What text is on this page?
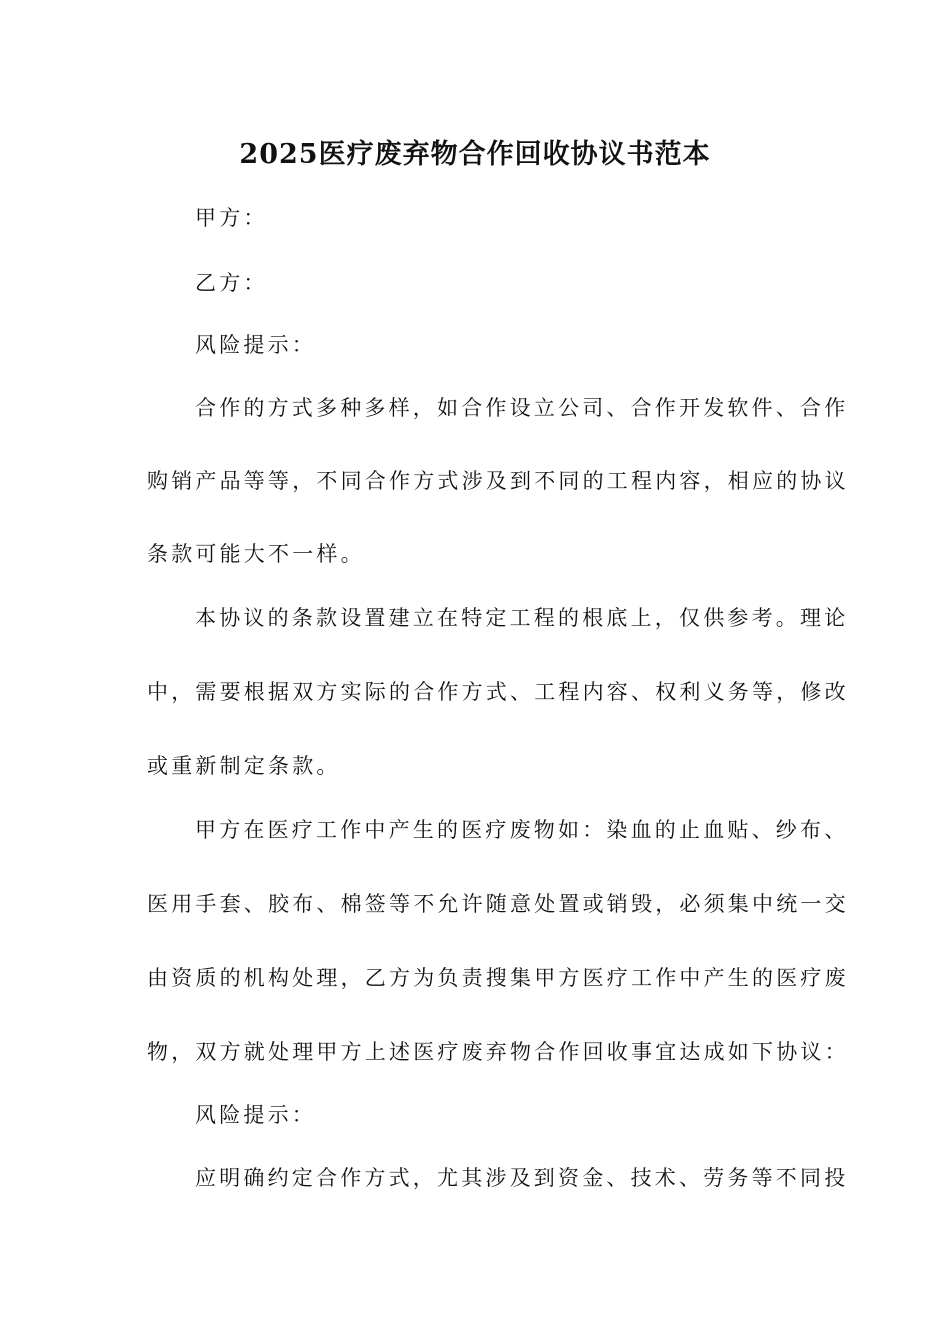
2025医疗废弃物合作回收协议书范本
甲方：
乙方：
风险提示：
合作的方式多种多样，如合作设立公司、合作开发软件、合作
购销产品等等，不同合作方式涉及到不同的工程内容，相应的协议
条款可能大不一样。
本协议的条款设置建立在特定工程的根底上，仅供参考。理论
中，需要根据双方实际的合作方式、工程内容、权利义务等，修改
或重新制定条款。
甲方在医疗工作中产生的医疗废物如：染血的止血贴、纱布、
医用手套、胶布、棉签等不允许随意处置或销毁，必须集中统一交
由资质的机构处理，乙方为负责搜集甲方医疗工作中产生的医疗废
物，双方就处理甲方上述医疗废弃物合作回收事宜达成如下协议：
风险提示：
应明确约定合作方式，尤其涉及到资金、技术、劳务等不同投
